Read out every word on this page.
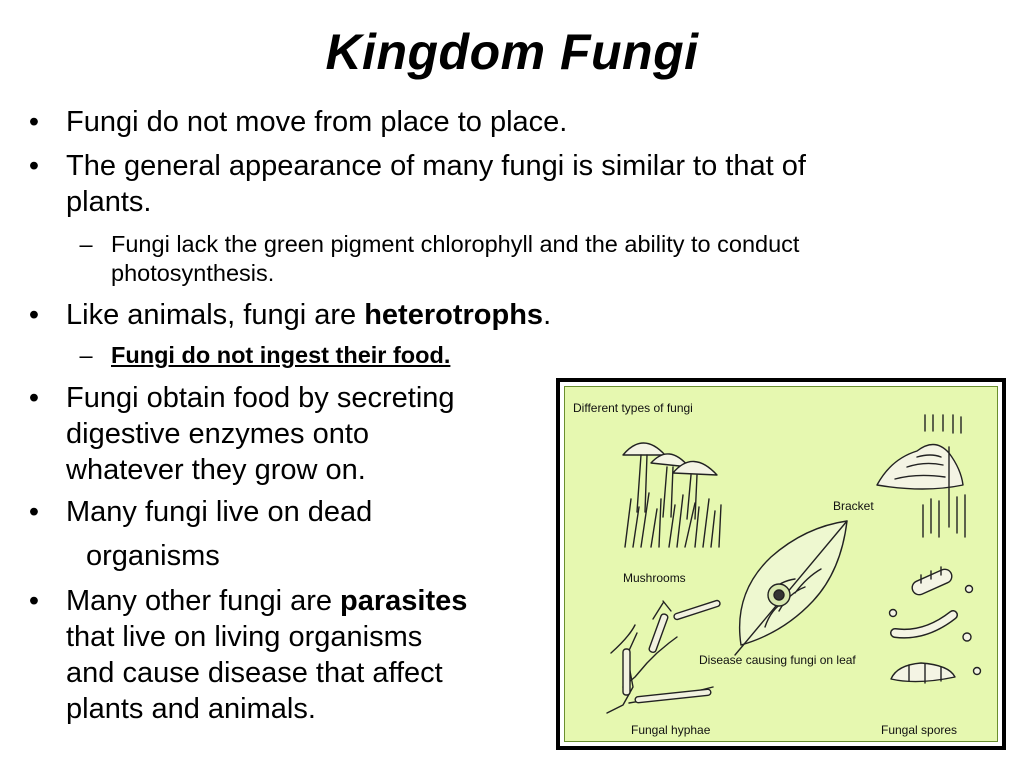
Kingdom Fungi

• Fungi do not move from place to place.

• The general appearance of many fungi is similar to that of
plants.

– Fungi lack the green pigment chlorophyll and the ability to conduct
photosynthesis.

• Like animals, fungi are heterotrophs.

– Fungi do not ingest their food.

• Fungi obtain food by secreting
digestive enzymes onto
whatever they grow on.

• Many fungi live on dead

organisms

• Many other fungi are parasites
that live on living organisms
and cause disease that affect
plants and animals.

Different types of fungi
Bracket
Mushrooms
Disease causing fungi on leaf
Fungal hyphae	Fungal spores
